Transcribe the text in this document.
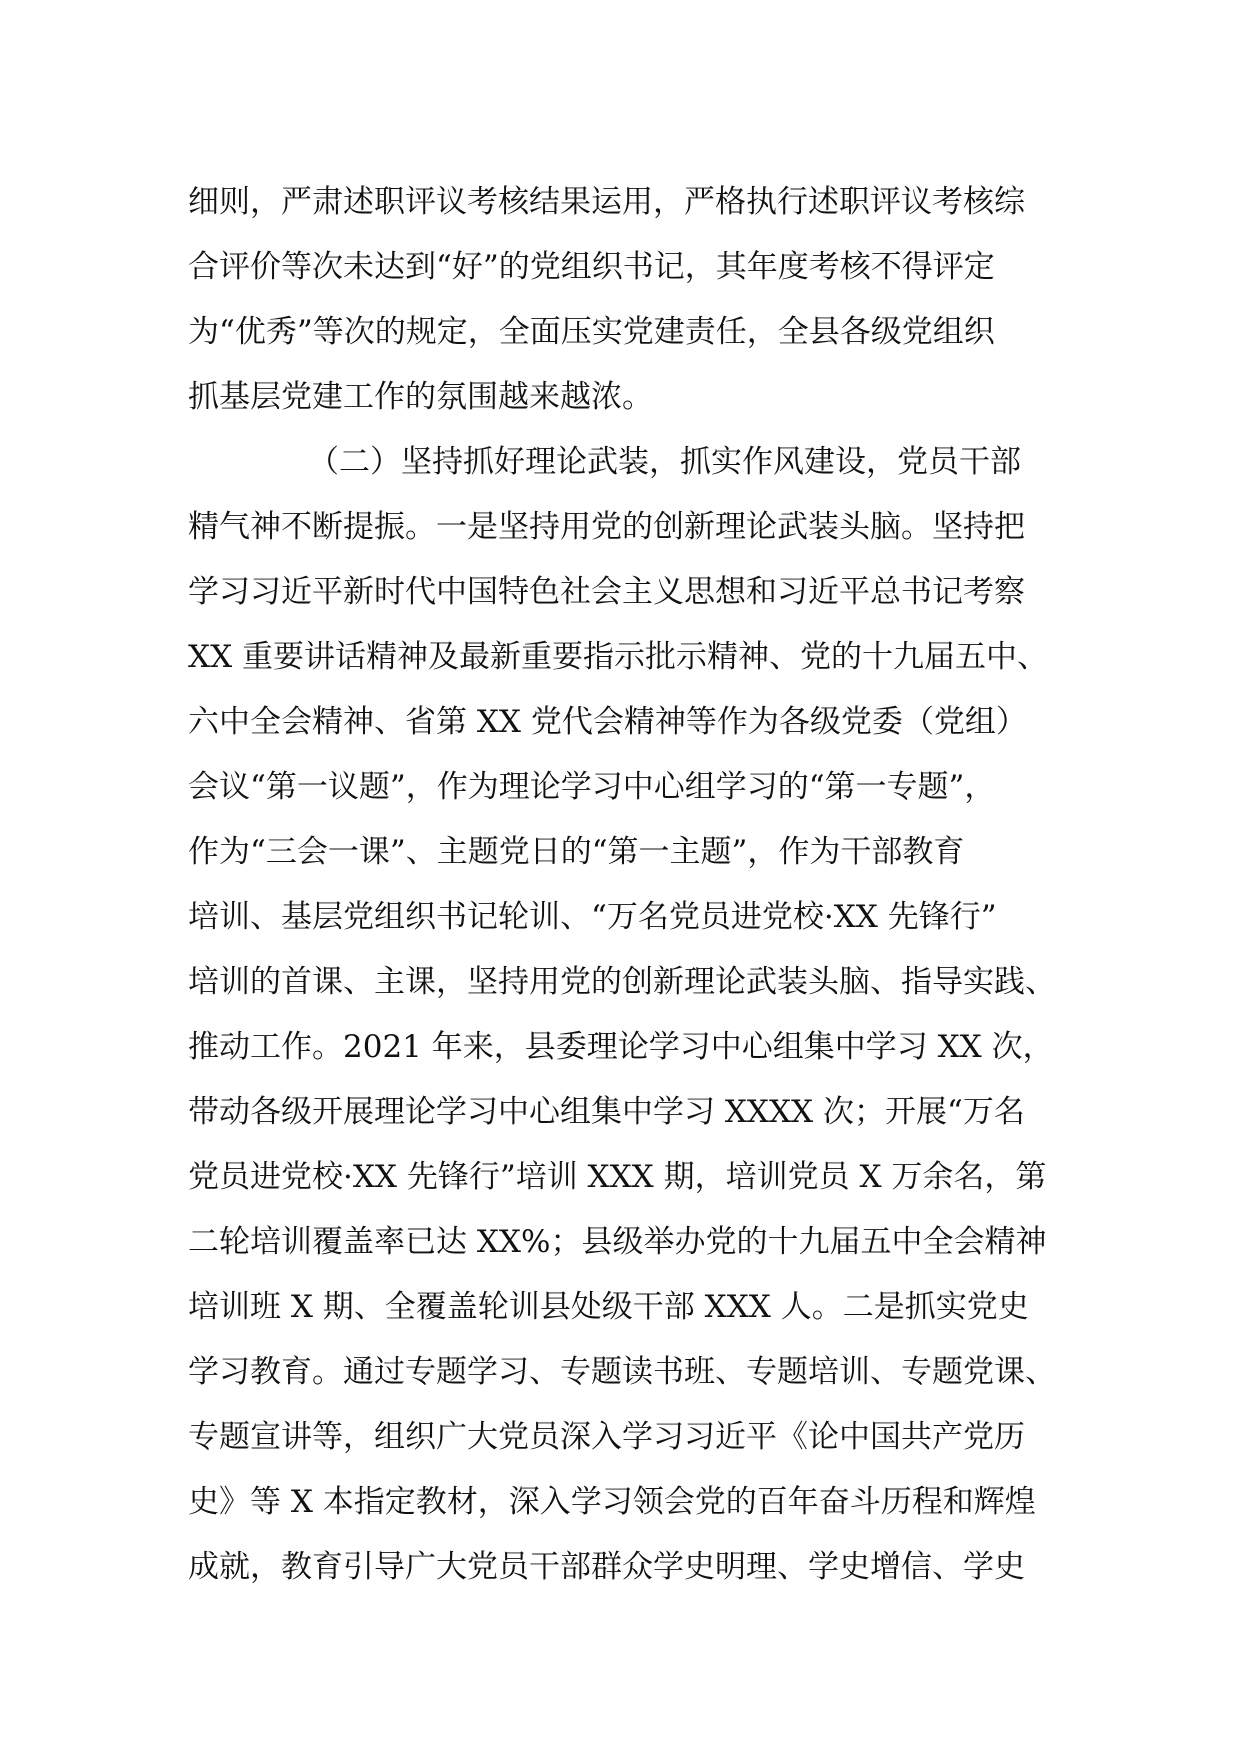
细则，严肃述职评议考核结果运用，严格执行述职评议考核综
合评价等次未达到“好”的党组织书记，其年度考核不得评定
为“优秀”等次的规定，全面压实党建责任，全县各级党组织
抓基层党建工作的氛围越来越浓。
（二）坚持抓好理论武装，抓实作风建设，党员干部
精气神不断提振。一是坚持用党的创新理论武装头脑。坚持把
学习习近平新时代中国特色社会主义思想和习近平总书记考察
XX 重要讲话精神及最新重要指示批示精神、党的十九届五中、
六中全会精神、省第 XX 党代会精神等作为各级党委（党组）
会议“第一议题”，作为理论学习中心组学习的“第一专题”，
作为“三会一课”、主题党日的“第一主题”，作为干部教育
培训、基层党组织书记轮训、“万名党员进党校·XX 先锋行”
培训的首课、主课，坚持用党的创新理论武装头脑、指导实践、
推动工作。2021 年来，县委理论学习中心组集中学习 XX 次，
带动各级开展理论学习中心组集中学习 XXXX 次；开展“万名
党员进党校·XX 先锋行”培训 XXX 期，培训党员 X 万余名，第
二轮培训覆盖率已达 XX%；县级举办党的十九届五中全会精神
培训班 X 期、全覆盖轮训县处级干部 XXX 人。二是抓实党史
学习教育。通过专题学习、专题读书班、专题培训、专题党课、
专题宣讲等，组织广大党员深入学习习近平《论中国共产党历
史》等 X 本指定教材，深入学习领会党的百年奋斗历程和辉煌
成就，教育引导广大党员干部群众学史明理、学史增信、学史
